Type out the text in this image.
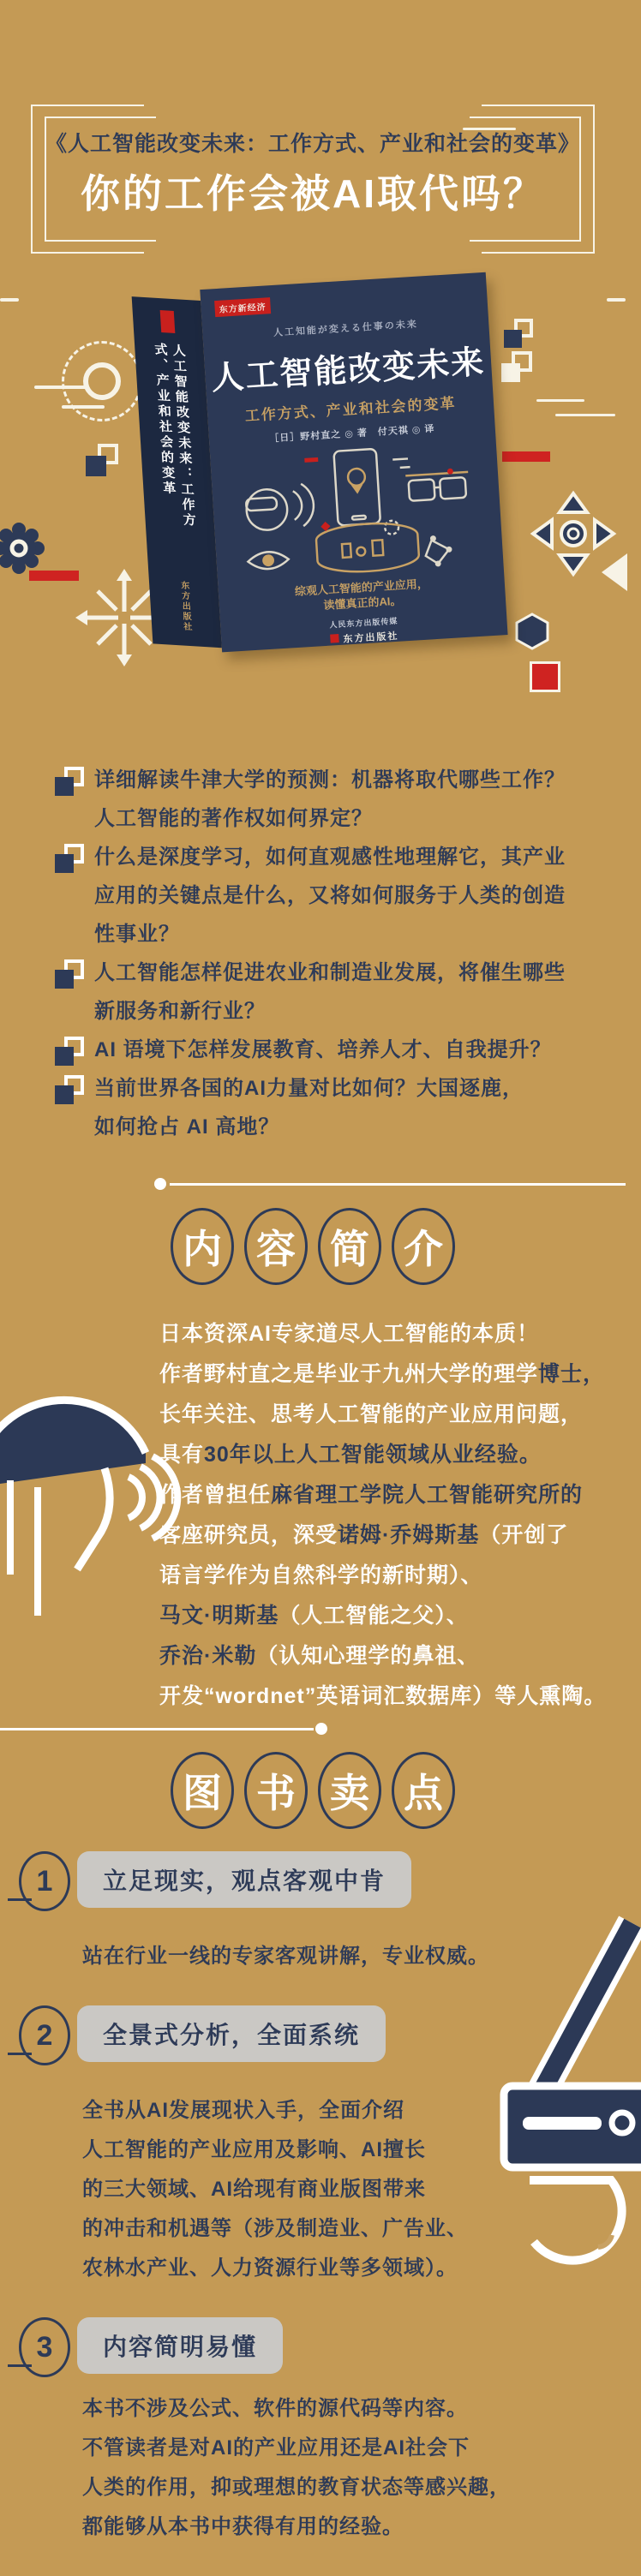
《人工智能改变未来：工作方式、产业和社会的变革》
你的工作会被AI取代吗？
人工智能改变未来：工作方式、产业和社会的变革
东方出版社
东方新经济
人工知能が変える仕事の未来
人工智能改变未来
工作方式、产业和社会的变革
［日］野村直之 ◎ 著　付天祺 ◎ 译
综观人工智能的产业应用，
读懂真正的AI。
人民东方出版传媒
东方出版社
详细解读牛津大学的预测：机器将取代哪些工作？
人工智能的著作权如何界定？
什么是深度学习，如何直观感性地理解它，其产业
应用的关键点是什么，又将如何服务于人类的创造
性事业？
人工智能怎样促进农业和制造业发展，将催生哪些
新服务和新行业？
AI 语境下怎样发展教育、培养人才、自我提升？
当前世界各国的AI力量对比如何？大国逐鹿，
如何抢占 AI 高地？
内 容 简 介
日本资深AI专家道尽人工智能的本质！
作者野村直之是毕业于九州大学的理学博士，
长年关注、思考人工智能的产业应用问题，
具有30年以上人工智能领域从业经验。
作者曾担任麻省理工学院人工智能研究所的
客座研究员，深受诺姆·乔姆斯基（开创了
语言学作为自然科学的新时期）、
马文·明斯基（人工智能之父）、
乔治·米勒（认知心理学的鼻祖、
开发“wordnet”英语词汇数据库）等人熏陶。
图 书 卖 点
1	立足现实，观点客观中肯
站在行业一线的专家客观讲解，专业权威。
2	全景式分析，全面系统
全书从AI发展现状入手，全面介绍
人工智能的产业应用及影响、AI擅长
的三大领域、AI给现有商业版图带来
的冲击和机遇等（涉及制造业、广告业、
农林水产业、人力资源行业等多领域）。
3	内容简明易懂
本书不涉及公式、软件的源代码等内容。
不管读者是对AI的产业应用还是AI社会下
人类的作用，抑或理想的教育状态等感兴趣，
都能够从本书中获得有用的经验。
